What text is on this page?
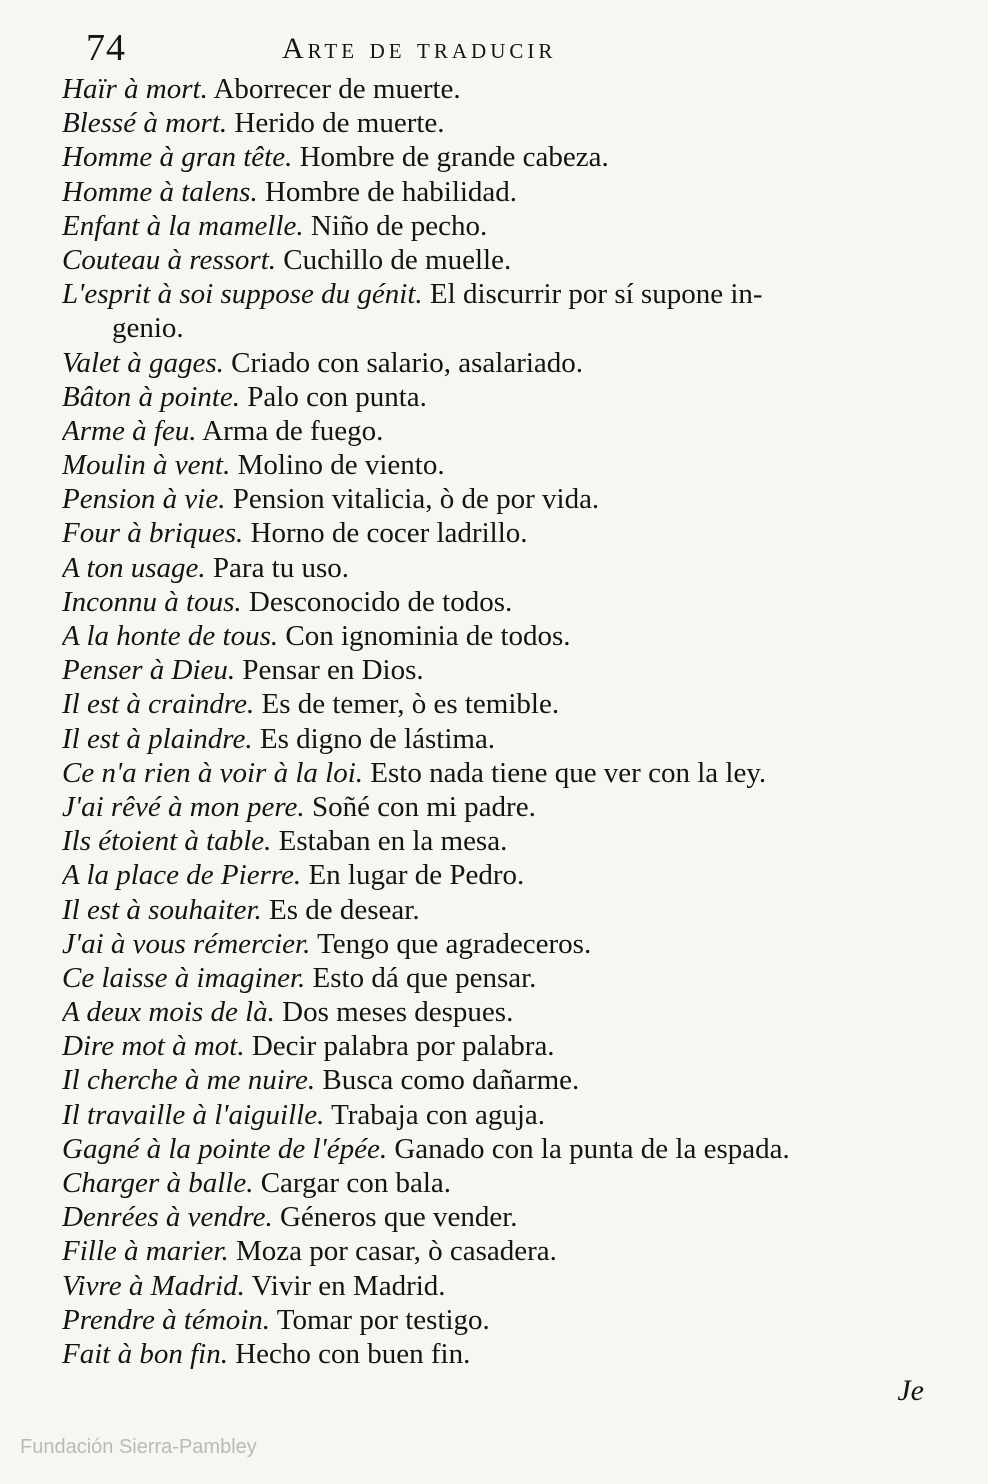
74	Arte de traducir
Haïr à mort. Aborrecer de muerte.
Blessé à mort. Herido de muerte.
Homme à gran tête. Hombre de grande cabeza.
Homme à talens. Hombre de habilidad.
Enfant à la mamelle. Niño de pecho.
Couteau à ressort. Cuchillo de muelle.
L'esprit à soi suppose du génit. El discurrir por sí supone in-
genio.
Valet à gages. Criado con salario, asalariado.
Bâton à pointe. Palo con punta.
Arme à feu. Arma de fuego.
Moulin à vent. Molino de viento.
Pension à vie. Pension vitalicia, ò de por vida.
Four à briques. Horno de cocer ladrillo.
A ton usage. Para tu uso.
Inconnu à tous. Desconocido de todos.
A la honte de tous. Con ignominia de todos.
Penser à Dieu. Pensar en Dios.
Il est à craindre. Es de temer, ò es temible.
Il est à plaindre. Es digno de lástima.
Ce n'a rien à voir à la loi. Esto nada tiene que ver con la ley.
J'ai rêvé à mon pere. Soñé con mi padre.
Ils étoient à table. Estaban en la mesa.
A la place de Pierre. En lugar de Pedro.
Il est à souhaiter. Es de desear.
J'ai à vous rémercier. Tengo que agradeceros.
Ce laisse à imaginer. Esto dá que pensar.
A deux mois de là. Dos meses despues.
Dire mot à mot. Decir palabra por palabra.
Il cherche à me nuire. Busca como dañarme.
Il travaille à l'aiguille. Trabaja con aguja.
Gagné à la pointe de l'épée. Ganado con la punta de la espada.
Charger à balle. Cargar con bala.
Denrées à vendre. Géneros que vender.
Fille à marier. Moza por casar, ò casadera.
Vivre à Madrid. Vivir en Madrid.
Prendre à témoin. Tomar por testigo.
Fait à bon fin. Hecho con buen fin.
Je
Fundación Sierra-Pambley
